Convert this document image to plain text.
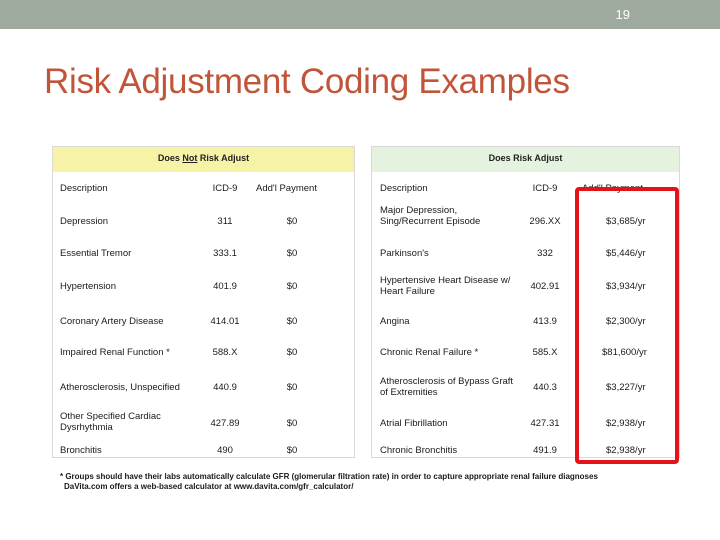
19
Risk Adjustment Coding Examples
Does Not Risk Adjust
Description	ICD-9	Add'l Payment
Depression	311	$0
Essential Tremor	333.1	$0
Hypertension	401.9	$0
Coronary Artery Disease	414.01	$0
Impaired Renal Function *	588.X	$0
Atherosclerosis, Unspecified	440.9	$0
Other Specified Cardiac Dysrhythmia	427.89	$0
Bronchitis	490	$0
Does Risk Adjust
Description	ICD-9	Add'l Payment
Major Depression, Sing/Recurrent Episode	296.XX	$3,685/yr
Parkinson's	332	$5,446/yr
Hypertensive Heart Disease w/ Heart Failure	402.91	$3,934/yr
Angina	413.9	$2,300/yr
Chronic Renal Failure *	585.X	$81,600/yr
Atherosclerosis of Bypass Graft of Extremities	440.3	$3,227/yr
Atrial Fibrillation	427.31	$2,938/yr
Chronic Bronchitis	491.9	$2,938/yr
* Groups should have their labs automatically calculate GFR (glomerular filtration rate) in order to capture appropriate renal failure diagnoses
DaVita.com offers a web-based calculator at www.davita.com/gfr_calculator/
